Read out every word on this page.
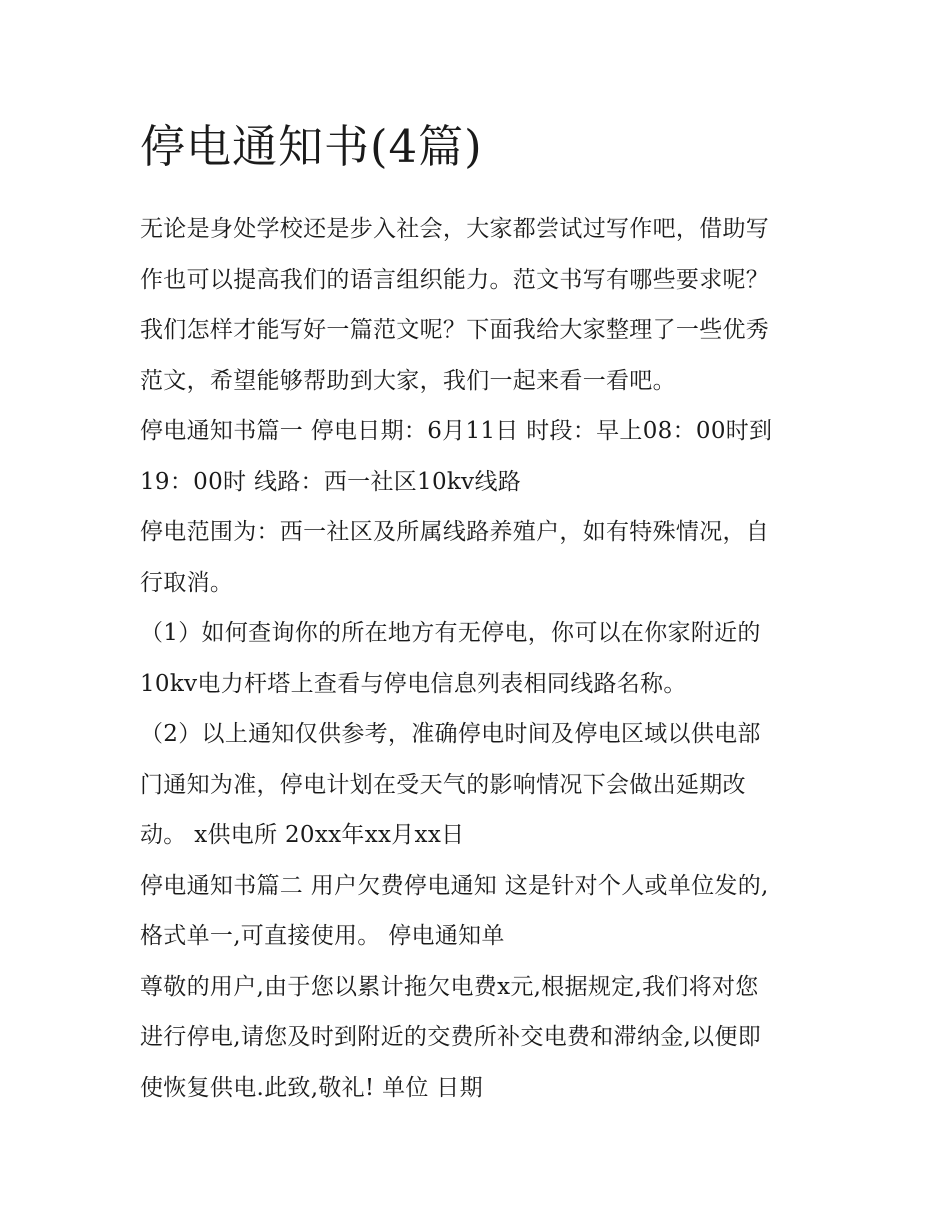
停电通知书(4篇)

无论是身处学校还是步入社会，大家都尝试过写作吧，借助写
作也可以提高我们的语言组织能力。范文书写有哪些要求呢？
我们怎样才能写好一篇范文呢？下面我给大家整理了一些优秀
范文，希望能够帮助到大家，我们一起来看一看吧。

停电通知书篇一 停电日期：6月11日 时段：早上08：00时到
19：00时 线路：西一社区10kv线路

停电范围为：西一社区及所属线路养殖户，如有特殊情况，自
行取消。

（1）如何查询你的所在地方有无停电，你可以在你家附近的
10kv电力杆塔上查看与停电信息列表相同线路名称。

（2）以上通知仅供参考，准确停电时间及停电区域以供电部
门通知为准，停电计划在受天气的影响情况下会做出延期改
动。 x供电所 20xx年xx月xx日

停电通知书篇二 用户欠费停电通知 这是针对个人或单位发的,
格式单一,可直接使用。 停电通知单

尊敬的用户,由于您以累计拖欠电费x元,根据规定,我们将对您
进行停电,请您及时到附近的交费所补交电费和滞纳金,以便即
使恢复供电.此致,敬礼! 单位 日期
